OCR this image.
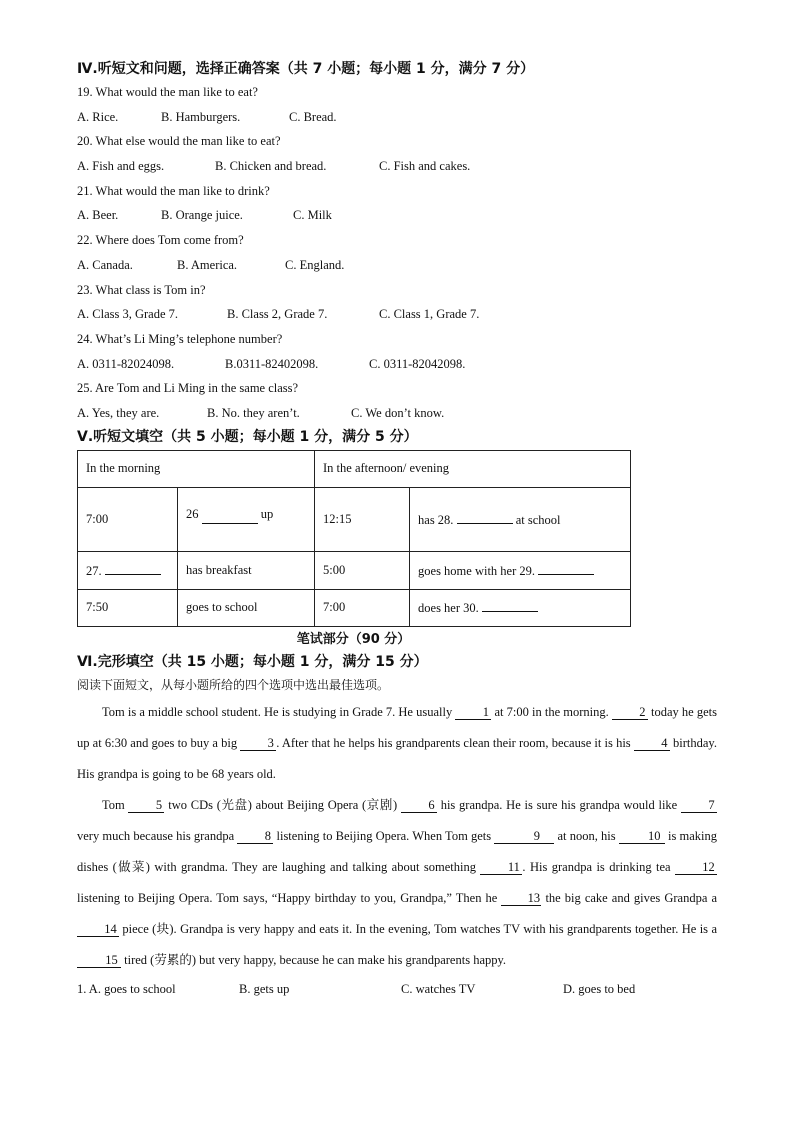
Ⅳ.听短文和问题，选择正确答案（共 7 小题；每小题 1 分，满分 7 分）
19. What would the man like to eat?
A. Rice.	B. Hamburgers.	C. Bread.
20. What else would the man like to eat?
A. Fish and eggs.	B. Chicken and bread.	C. Fish and cakes.
21. What would the man like to drink?
A. Beer.	B. Orange juice.	C. Milk
22. Where does Tom come from?
A. Canada.	B. America.	C. England.
23. What class is Tom in?
A. Class 3, Grade 7.	B. Class 2, Grade 7.	C. Class 1, Grade 7.
24. What’s Li Ming’s telephone number?
A. 0311-82024098.	B.0311-82402098.	C. 0311-82042098.
25. Are Tom and Li Ming in the same class?
A. Yes, they are.	B. No. they aren’t.	C. We don’t know.
Ⅴ.听短文填空（共 5 小题；每小题 1 分，满分 5 分）
In the morning		In the afternoon/ evening	
7:00	26 up	12:15	has 28. at school
27.	has breakfast	5:00	goes home with her 29.
7:50	goes to school	7:00	does her 30.
笔试部分（90 分）
Ⅵ.完形填空（共 15 小题；每小题 1 分，满分 15 分）
阅读下面短文，从每小题所给的四个选项中选出最佳选项。

Tom is a middle school student. He is studying in Grade 7. He usually 1 at 7:00 in the morning. 2 today he gets up at 6:30 and goes to buy a big 3 . After that he helps his grandparents clean their room, because it is his 4 birthday. His grandpa is going to be 68 years old.

Tom 5 two CDs (光盘) about Beijing Opera (京剧) 6 his grandpa. He is sure his grandpa would like 7 very much because his grandpa 8 listening to Beijing Opera. When Tom gets	9 at noon, his 10 is making dishes (做菜) with grandma. They are laughing and talking about something 11 . His grandpa is drinking tea 12 listening to Beijing Opera. Tom says, “Happy birthday to you, Grandpa,” Then he 13 the big cake and gives Grandpa a 14 piece (块). Grandpa is very happy and eats it. In the evening, Tom watches TV with his grandparents together. He is a 15 tired (劳累的) but very happy, because he can make his grandparents happy.

1. A. goes to school	B. gets up	C. watches TV	D. goes to bed
